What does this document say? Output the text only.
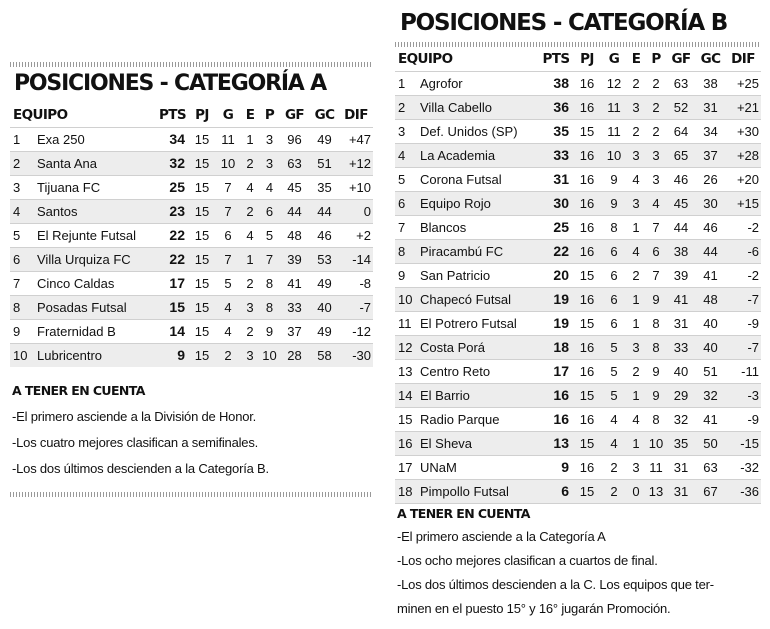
POSICIONES - CATEGORÍA A
EQUIPO		PTS	PJ	G	E	P	GF	GC	DIF
1	Exa 250	34	15	11	1	3	96	49	+47
2	Santa Ana	32	15	10	2	3	63	51	+12
3	Tijuana FC	25	15	7	4	4	45	35	+10
4	Santos	23	15	7	2	6	44	44	0
5	El Rejunte Futsal	22	15	6	4	5	48	46	+2
6	Villa Urquiza FC	22	15	7	1	7	39	53	-14
7	Cinco Caldas	17	15	5	2	8	41	49	-8
8	Posadas Futsal	15	15	4	3	8	33	40	-7
9	Fraternidad B	14	15	4	2	9	37	49	-12
10	Lubricentro	9	15	2	3	10	28	58	-30
A TENER EN CUENTA
-El primero asciende a la División de Honor.
-Los cuatro mejores clasifican a semifinales.
-Los dos últimos descienden a la Categoría B.
POSICIONES - CATEGORÍA B
EQUIPO		PTS	PJ	G	E	P	GF	GC	DIF
1	Agrofor	38	16	12	2	2	63	38	+25
2	Villa Cabello	36	16	11	3	2	52	31	+21
3	Def. Unidos (SP)	35	15	11	2	2	64	34	+30
4	La Academia	33	16	10	3	3	65	37	+28
5	Corona Futsal	31	16	9	4	3	46	26	+20
6	Equipo Rojo	30	16	9	3	4	45	30	+15
7	Blancos	25	16	8	1	7	44	46	-2
8	Piracambú FC	22	16	6	4	6	38	44	-6
9	San Patricio	20	15	6	2	7	39	41	-2
10	Chapecó Futsal	19	16	6	1	9	41	48	-7
11	El Potrero Futsal	19	15	6	1	8	31	40	-9
12	Costa Porá	18	16	5	3	8	33	40	-7
13	Centro Reto	17	16	5	2	9	40	51	-11
14	El Barrio	16	15	5	1	9	29	32	-3
15	Radio Parque	16	16	4	4	8	32	41	-9
16	El Sheva	13	15	4	1	10	35	50	-15
17	UNaM	9	16	2	3	11	31	63	-32
18	Pimpollo Futsal	6	15	2	0	13	31	67	-36
A TENER EN CUENTA
-El primero asciende a la Categoría A
-Los ocho mejores clasifican a cuartos de final.
-Los dos últimos descienden a la C. Los equipos que ter-
minen en el puesto 15° y 16° jugarán Promoción.
